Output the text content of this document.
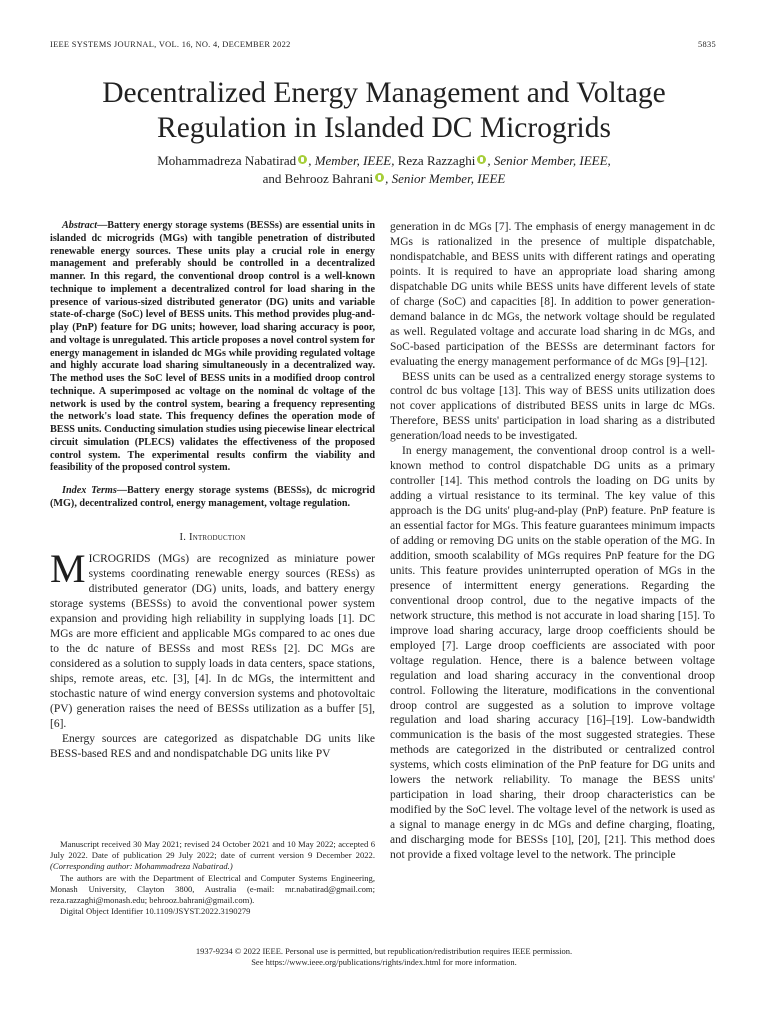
IEEE SYSTEMS JOURNAL, VOL. 16, NO. 4, DECEMBER 2022	5835
Decentralized Energy Management and Voltage
Regulation in Islanded DC Microgrids
Mohammadreza Nabatirad , Member, IEEE, Reza Razzaghi , Senior Member, IEEE,
and Behrooz Bahrani , Senior Member, IEEE

Abstract—Battery energy storage systems (BESSs) are essential units in islanded dc microgrids (MGs) with tangible penetration of distributed renewable energy sources. These units play a crucial role in energy management and preferably should be controlled in a decentralized manner. In this regard, the conventional droop control is a well-known technique to implement a decentralized control for load sharing in the presence of various-sized distributed generator (DG) units and variable state-of-charge (SoC) level of BESS units. This method provides plug-and-play (PnP) feature for DG units; however, load sharing accuracy is poor, and voltage is unregulated. This article proposes a novel control system for energy management in islanded dc MGs while providing regulated voltage and highly accurate load sharing simultaneously in a decentralized way. The method uses the SoC level of BESS units in a modified droop control technique. A superimposed ac voltage on the nominal dc voltage of the network is used by the control system, bearing a frequency representing the network's load state. This frequency defines the operation mode of BESS units. Conducting simulation studies using piecewise linear electrical circuit simulation (PLECS) validates the effectiveness of the proposed control system. The experimental results confirm the viability and feasibility of the proposed control system.

Index Terms—Battery energy storage systems (BESSs), dc microgrid (MG), decentralized control, energy management, voltage regulation.

I. Introduction

MICROGRIDS (MGs) are recognized as miniature power systems coordinating renewable energy sources (RESs) as distributed generator (DG) units, loads, and battery energy storage systems (BESSs) to avoid the conventional power system expansion and providing high reliability in supplying loads [1]. DC MGs are more efficient and applicable MGs compared to ac ones due to the dc nature of BESSs and most RESs [2]. DC MGs are considered as a solution to supply loads in data centers, space stations, ships, remote areas, etc. [3], [4]. In dc MGs, the intermittent and stochastic nature of wind energy conversion systems and photovoltaic (PV) generation raises the need of BESSs utilization as a buffer [5], [6].

Energy sources are categorized as dispatchable DG units like BESS-based RES and and nondispatchable DG units like PV

Manuscript received 30 May 2021; revised 24 October 2021 and 10 May 2022; accepted 6 July 2022. Date of publication 29 July 2022; date of current version 9 December 2022. (Corresponding author: Mohammadreza Nabatirad.)

The authors are with the Department of Electrical and Computer Systems Engineering, Monash University, Clayton 3800, Australia (e-mail: mr.nabatirad@gmail.com; reza.razzaghi@monash.edu; behrooz.bahrani@gmail.com).

Digital Object Identifier 10.1109/JSYST.2022.3190279

generation in dc MGs [7]. The emphasis of energy management in dc MGs is rationalized in the presence of multiple dispatchable, nondispatchable, and BESS units with different ratings and operating points. It is required to have an appropriate load sharing among dispatchable DG units while BESS units have different levels of state of charge (SoC) and capacities [8]. In addition to power generation-demand balance in dc MGs, the network voltage should be regulated as well. Regulated voltage and accurate load sharing in dc MGs, and SoC-based participation of the BESSs are determinant factors for evaluating the energy management performance of dc MGs [9]–[12].

BESS units can be used as a centralized energy storage systems to control dc bus voltage [13]. This way of BESS units utilization does not cover applications of distributed BESS units in large dc MGs. Therefore, BESS units' participation in load sharing as a distributed generation/load needs to be investigated.

In energy management, the conventional droop control is a well-known method to control dispatchable DG units as a primary controller [14]. This method controls the loading on DG units by adding a virtual resistance to its terminal. The key value of this approach is the DG units' plug-and-play (PnP) feature. PnP feature is an essential factor for MGs. This feature guarantees minimum impacts of adding or removing DG units on the stable operation of the MG. In addition, smooth scalability of MGs requires PnP feature for the DG units. This feature provides uninterrupted operation of MGs in the presence of intermittent energy generations. Regarding the conventional droop control, due to the negative impacts of the network structure, this method is not accurate in load sharing [15]. To improve load sharing accuracy, large droop coefficients should be employed [7]. Large droop coefficients are associated with poor voltage regulation. Hence, there is a balence between voltage regulation and load sharing accuracy in the conventional droop control. Following the literature, modifications in the conventional droop control are suggested as a solution to improve voltage regulation and load sharing accuracy [16]–[19]. Low-bandwidth communication is the basis of the most suggested strategies. These methods are categorized in the distributed or centralized control systems, which costs elimination of the PnP feature for DG units and lowers the network reliability. To manage the BESS units' participation in load sharing, their droop characteristics can be modified by the SoC level. The voltage level of the network is used as a signal to manage energy in dc MGs and define charging, floating, and discharging mode for BESSs [10], [20], [21]. This method does not provide a fixed voltage level to the network. The principle

1937-9234 © 2022 IEEE. Personal use is permitted, but republication/redistribution requires IEEE permission.
See https://www.ieee.org/publications/rights/index.html for more information.
